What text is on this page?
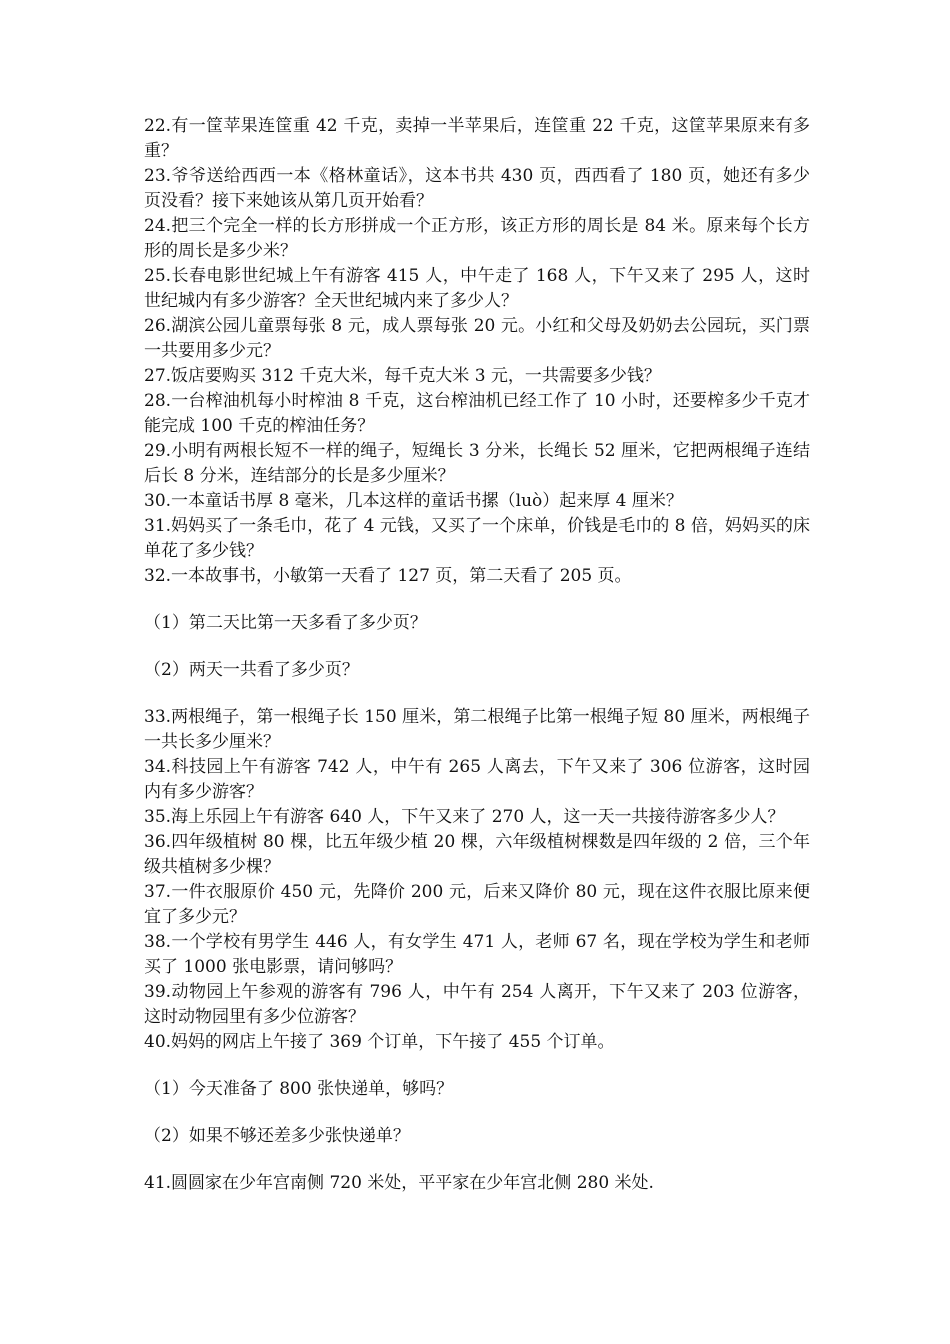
22.有一筐苹果连筐重 42 千克，卖掉一半苹果后，连筐重 22 千克，这筐苹果原来有多重？

23.爷爷送给西西一本《格林童话》，这本书共 430 页，西西看了 180 页，她还有多少页没看？接下来她该从第几页开始看？

24.把三个完全一样的长方形拼成一个正方形，该正方形的周长是 84 米。原来每个长方形的周长是多少米？

25.长春电影世纪城上午有游客 415 人，中午走了 168 人，下午又来了 295 人，这时世纪城内有多少游客？全天世纪城内来了多少人？

26.湖滨公园儿童票每张 8 元，成人票每张 20 元。小红和父母及奶奶去公园玩，买门票一共要用多少元？

27.饭店要购买 312 千克大米，每千克大米 3 元，一共需要多少钱？

28.一台榨油机每小时榨油 8 千克，这台榨油机已经工作了 10 小时，还要榨多少千克才能完成 100 千克的榨油任务？

29.小明有两根长短不一样的绳子，短绳长 3 分米，长绳长 52 厘米，它把两根绳子连结后长 8 分米，连结部分的长是多少厘米？

30.一本童话书厚 8 毫米，几本这样的童话书摞（luò）起来厚 4 厘米？

31.妈妈买了一条毛巾，花了 4 元钱，又买了一个床单，价钱是毛巾的 8 倍，妈妈买的床单花了多少钱？

32.一本故事书，小敏第一天看了 127 页，第二天看了 205 页。

（1）第二天比第一天多看了多少页？

（2）两天一共看了多少页？

33.两根绳子，第一根绳子长 150 厘米，第二根绳子比第一根绳子短 80 厘米，两根绳子一共长多少厘米？

34.科技园上午有游客 742 人，中午有 265 人离去，下午又来了 306 位游客，这时园内有多少游客？

35.海上乐园上午有游客 640 人，下午又来了 270 人，这一天一共接待游客多少人？

36.四年级植树 80 棵，比五年级少植 20 棵，六年级植树棵数是四年级的 2 倍，三个年级共植树多少棵？

37.一件衣服原价 450 元，先降价 200 元，后来又降价 80 元，现在这件衣服比原来便宜了多少元？

38.一个学校有男学生 446 人，有女学生 471 人，老师 67 名，现在学校为学生和老师买了 1000 张电影票，请问够吗？

39.动物园上午参观的游客有 796 人，中午有 254 人离开，下午又来了 203 位游客，这时动物园里有多少位游客？

40.妈妈的网店上午接了 369 个订单，下午接了 455 个订单。

（1）今天准备了 800 张快递单，够吗？

（2）如果不够还差多少张快递单？

41.圆圆家在少年宫南侧 720 米处，平平家在少年宫北侧 280 米处.
